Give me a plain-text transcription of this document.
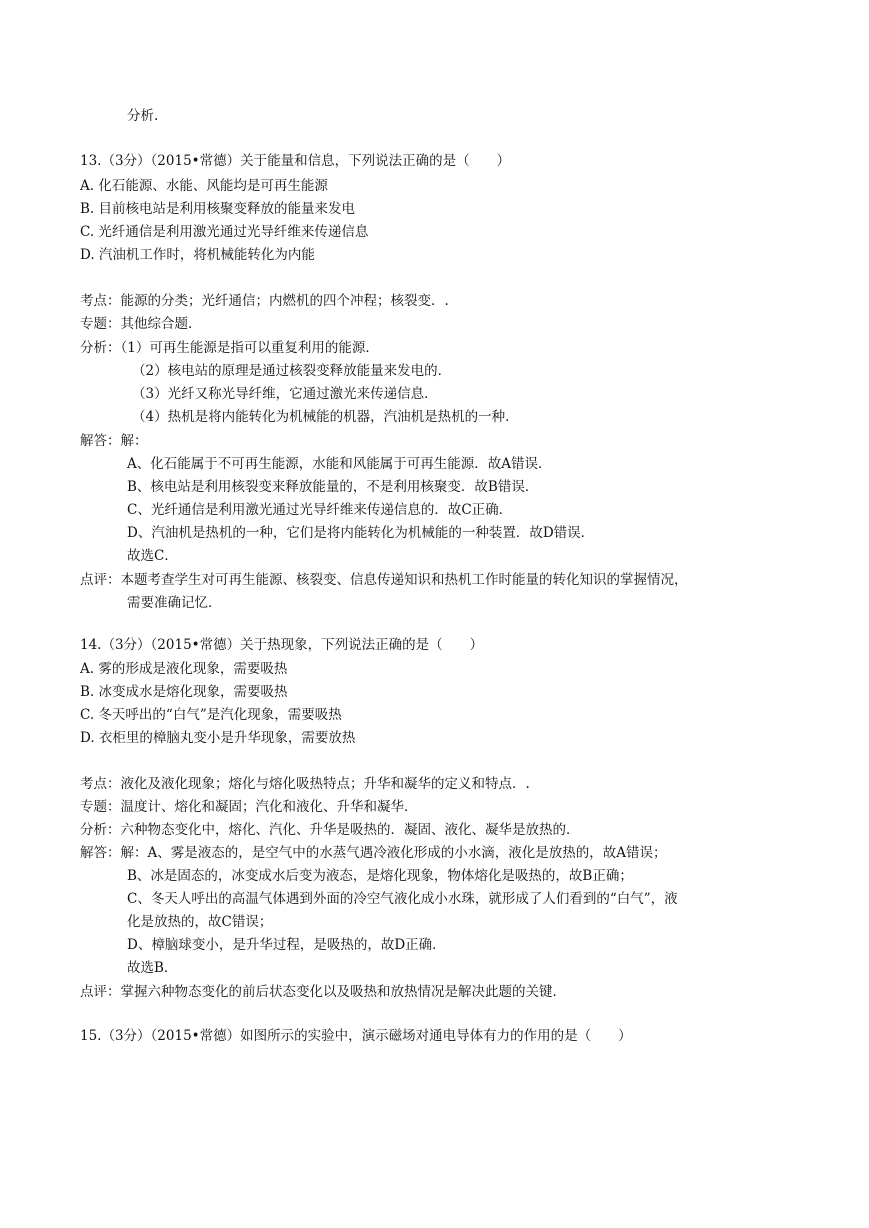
分析.
13.（3分）（2015•常德）关于能量和信息，下列说法正确的是（　　）
A. 化石能源、水能、风能均是可再生能源
B. 目前核电站是利用核聚变释放的能量来发电
C. 光纤通信是利用激光通过光导纤维来传递信息
D. 汽油机工作时，将机械能转化为内能
考点：能源的分类；光纤通信；内燃机的四个冲程；核裂变．.
专题：其他综合题．
分析：（1）可再生能源是指可以重复利用的能源．
（2）核电站的原理是通过核裂变释放能量来发电的．
（3）光纤又称光导纤维，它通过激光来传递信息．
（4）热机是将内能转化为机械能的机器，汽油机是热机的一种．
解答：解：
A、化石能属于不可再生能源，水能和风能属于可再生能源．故A错误．
B、核电站是利用核裂变来释放能量的，不是利用核聚变．故B错误．
C、光纤通信是利用激光通过光导纤维来传递信息的．故C正确．
D、汽油机是热机的一种，它们是将内能转化为机械能的一种装置．故D错误．
故选C．
点评：本题考查学生对可再生能源、核裂变、信息传递知识和热机工作时能量的转化知识的掌握情况，
需要准确记忆．
14.（3分）（2015•常德）关于热现象，下列说法正确的是（　　）
A. 雾的形成是液化现象，需要吸热
B. 冰变成水是熔化现象，需要吸热
C. 冬天呼出的“白气”是汽化现象，需要吸热
D. 衣柜里的樟脑丸变小是升华现象，需要放热
考点：液化及液化现象；熔化与熔化吸热特点；升华和凝华的定义和特点．.
专题：温度计、熔化和凝固；汽化和液化、升华和凝华．
分析：六种物态变化中，熔化、汽化、升华是吸热的．凝固、液化、凝华是放热的．
解答：解：A、雾是液态的，是空气中的水蒸气遇冷液化形成的小水滴，液化是放热的，故A错误；
B、冰是固态的，冰变成水后变为液态，是熔化现象，物体熔化是吸热的，故B正确；
C、冬天人呼出的高温气体遇到外面的冷空气液化成小水珠，就形成了人们看到的“白气”，液
化是放热的，故C错误；
D、樟脑球变小，是升华过程，是吸热的，故D正确．
故选B．
点评：掌握六种物态变化的前后状态变化以及吸热和放热情况是解决此题的关键．
15.（3分）（2015•常德）如图所示的实验中，演示磁场对通电导体有力的作用的是（　　）
